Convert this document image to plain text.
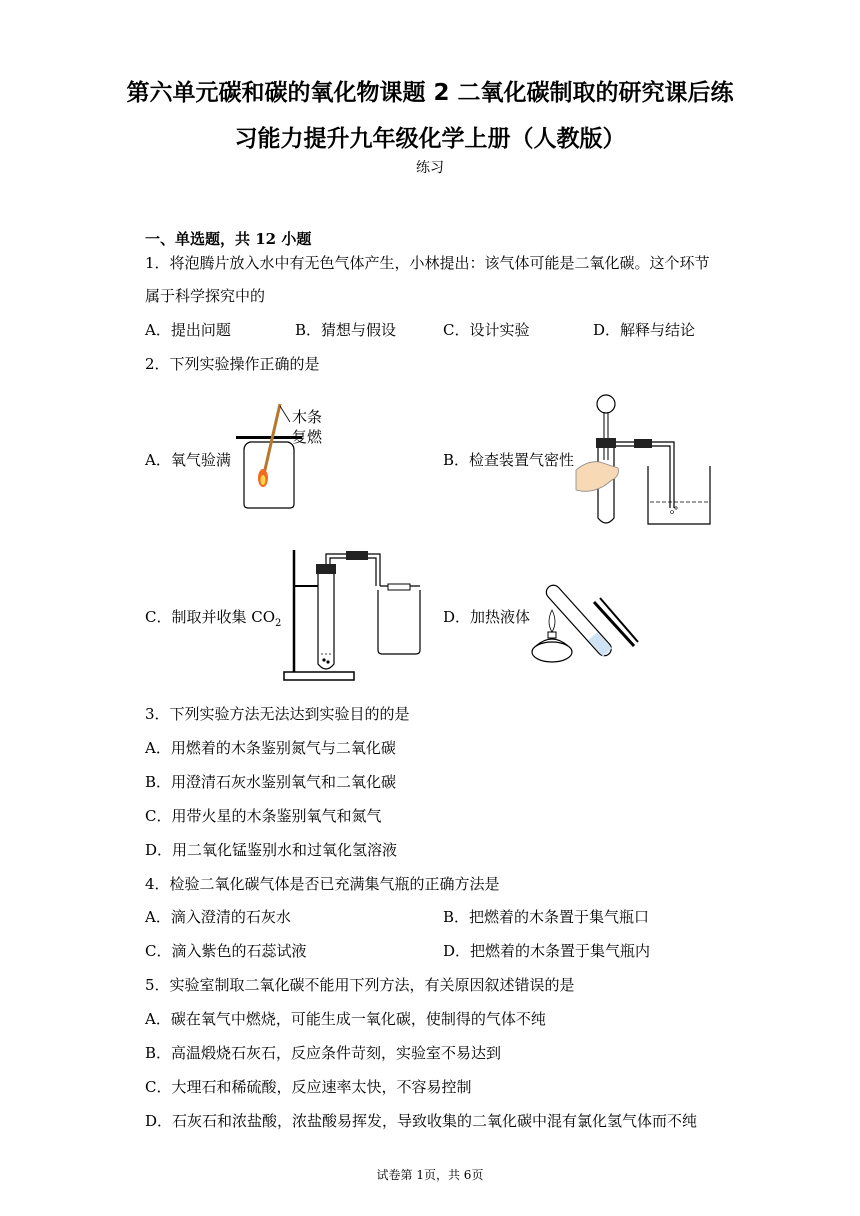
第六单元碳和碳的氧化物课题 2 二氧化碳制取的研究课后练
习能力提升九年级化学上册（人教版）
练习
一、单选题，共 12 小题
1．将泡腾片放入水中有无色气体产生，小林提出：该气体可能是二氧化碳。这个环节
属于科学探究中的
A．提出问题	B．猜想与假设	C．设计实验	D．解释与结论
2．下列实验操作正确的是
A．氧气验满
木条
复燃
B．检查装置气密性
C．制取并收集 $CO_2$	D．加热液体
3．下列实验方法无法达到实验目的的是
A．用燃着的木条鉴别氮气与二氧化碳
B．用澄清石灰水鉴别氧气和二氧化碳
C．用带火星的木条鉴别氧气和氮气
D．用二氧化锰鉴别水和过氧化氢溶液
4．检验二氧化碳气体是否已充满集气瓶的正确方法是
A．滴入澄清的石灰水	B．把燃着的木条置于集气瓶口
C．滴入紫色的石蕊试液	D．把燃着的木条置于集气瓶内
5．实验室制取二氧化碳不能用下列方法，有关原因叙述错误的是
A．碳在氧气中燃烧，可能生成一氧化碳，使制得的气体不纯
B．高温煅烧石灰石，反应条件苛刻，实验室不易达到
C．大理石和稀硫酸，反应速率太快，不容易控制
D．石灰石和浓盐酸，浓盐酸易挥发，导致收集的二氧化碳中混有氯化氢气体而不纯
试卷第 1页，共 6页
